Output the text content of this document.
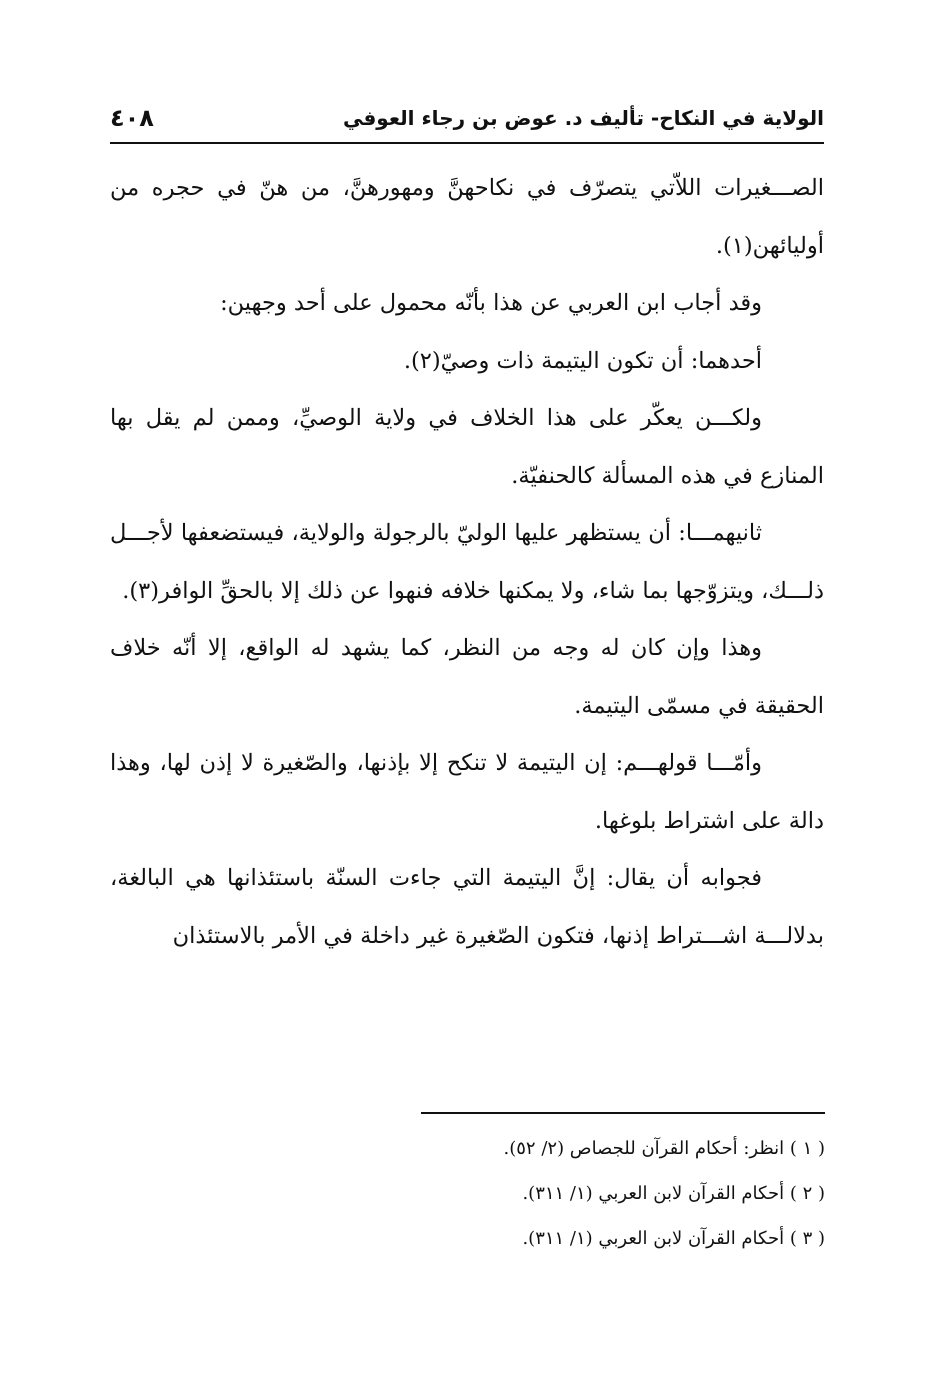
الولاية في النكاح- تأليف د. عوض بن رجاء العوفي
٤٠٨

الصـــغيرات اللاّتي يتصرّف في نكاحهنَّ ومهورهنَّ، من هنّ في حجره من أوليائهن(١).

وقد أجاب ابن العربي عن هذا بأنّه محمول على أحد وجهين:

أحدهما: أن تكون اليتيمة ذات وصيّ(٢).

ولكـــن يعكّر على هذا الخلاف في ولاية الوصيِّ، وممن لم يقل بها المنازع في هذه المسألة كالحنفيّة.

ثانيهمـــا: أن يستظهر عليها الوليّ بالرجولة والولاية، فيستضعفها لأجـــل ذلـــك، ويتزوّجها بما شاء، ولا يمكنها خلافه فنهوا عن ذلك إلا بالحقِّ الوافر(٣).

وهذا وإن كان له وجه من النظر، كما يشهد له الواقع، إلا أنّه خلاف الحقيقة في مسمّى اليتيمة.

وأمّـــا قولهـــم: إن اليتيمة لا تنكح إلا بإذنها، والصّغيرة لا إذن لها، وهذا دالة على اشتراط بلوغها.

فجوابه أن يقال: إنَّ اليتيمة التي جاءت السنّة باستئذانها هي البالغة، بدلالـــة اشـــتراط إذنها، فتكون الصّغيرة غير داخلة في الأمر بالاستئذان

( ١ ) انظر: أحكام القرآن للجصاص (٢/ ٥٢).

( ٢ ) أحكام القرآن لابن العربي (١/ ٣١١).

( ٣ ) أحكام القرآن لابن العربي (١/ ٣١١).
